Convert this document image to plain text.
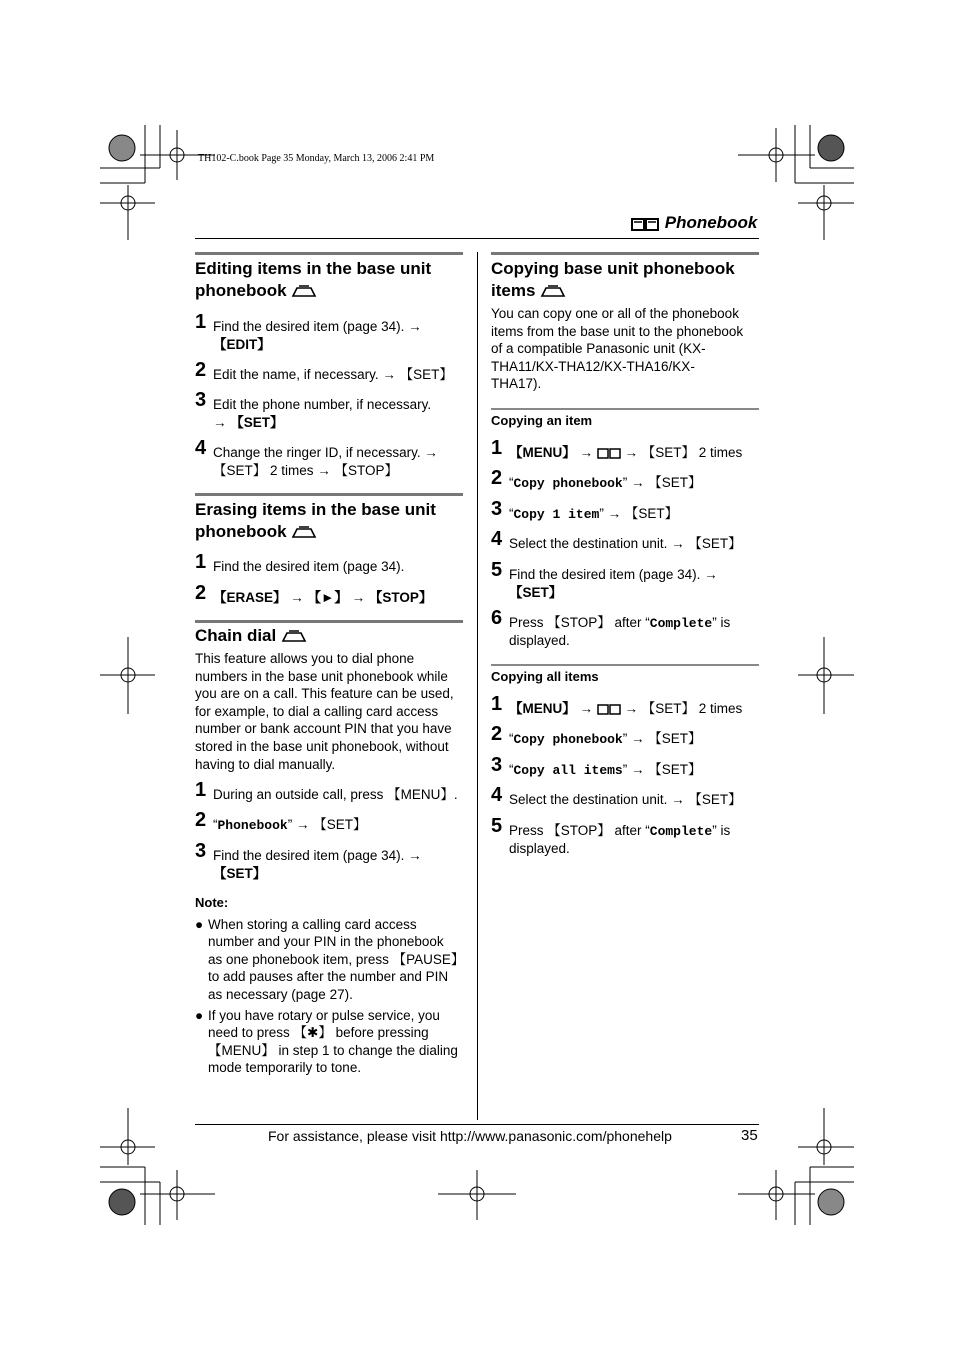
TH102-C.book Page 35 Monday, March 13, 2006 2:41 PM
Phonebook
Editing items in the base unit phonebook
1 Find the desired item (page 34). →
【EDIT】
2 Edit the name, if necessary. → 【SET】
3 Edit the phone number, if necessary.
→ 【SET】
4 Change the ringer ID, if necessary. →
【SET】 2 times → 【STOP】
Erasing items in the base unit phonebook
1 Find the desired item (page 34).
2 【ERASE】 → 【►】 → 【STOP】
Chain dial
This feature allows you to dial phone
numbers in the base unit phonebook while
you are on a call. This feature can be used,
for example, to dial a calling card access
number or bank account PIN that you have
stored in the base unit phonebook, without
having to dial manually.
1 During an outside call, press 【MENU】.
2 “Phonebook” → 【SET】
3 Find the desired item (page 34). →
【SET】
Note:
● When storing a calling card access
number and your PIN in the phonebook
as one phonebook item, press 【PAUSE】
to add pauses after the number and PIN
as necessary (page 27).
● If you have rotary or pulse service, you
need to press 【✱】 before pressing
【MENU】 in step 1 to change the dialing
mode temporarily to tone.
Copying base unit phonebook items
You can copy one or all of the phonebook
items from the base unit to the phonebook
of a compatible Panasonic unit (KX-
THA11/KX-THA12/KX-THA16/KX-
THA17).
Copying an item
1 【MENU】 →  → 【SET】 2 times
2 “Copy phonebook” → 【SET】
3 “Copy 1 item” → 【SET】
4 Select the destination unit. → 【SET】
5 Find the desired item (page 34). →
【SET】
6 Press 【STOP】 after “Complete” is
displayed.
Copying all items
1 【MENU】 →  → 【SET】 2 times
2 “Copy phonebook” → 【SET】
3 “Copy all items” → 【SET】
4 Select the destination unit. → 【SET】
5 Press 【STOP】 after “Complete” is
displayed.
For assistance, please visit http://www.panasonic.com/phonehelp	35
